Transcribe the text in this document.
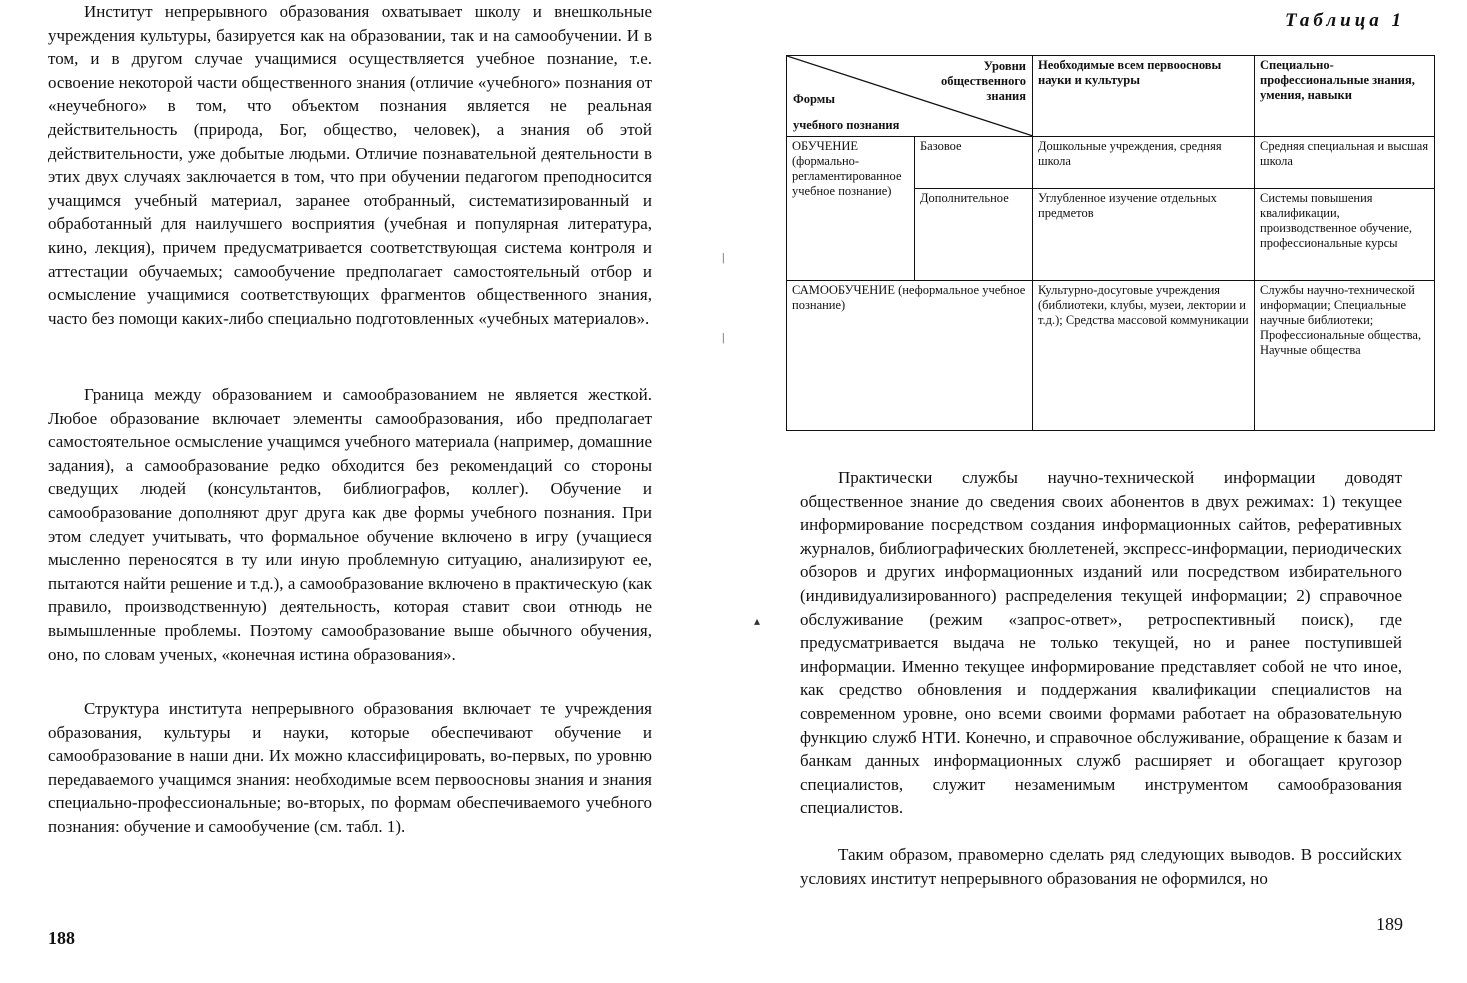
Институт непрерывного образования охватывает школу и внешкольные учреждения культуры, базируется как на образовании, так и на самообучении. И в том, и в другом случае учащимися осуществляется учебное познание, т.е. освоение некоторой части общественного знания (отличие «учебного» познания от «неучебного» в том, что объектом познания является не реальная действительность (природа, Бог, общество, человек), а знания об этой действительности, уже добытые людьми. Отличие познавательной деятельности в этих двух случаях заключается в том, что при обучении педагогом преподносится учащимся учебный материал, заранее отобранный, систематизированный и обработанный для наилучшего восприятия (учебная и популярная литература, кино, лекция), причем предусматривается соответствующая система контроля и аттестации обучаемых; самообучение предполагает самостоятельный отбор и осмысление учащимися соответствующих фрагментов общественного знания, часто без помощи каких-либо специально подготовленных «учебных материалов».

Граница между образованием и самообразованием не является жесткой. Любое образование включает элементы самообразования, ибо предполагает самостоятельное осмысление учащимся учебного материала (например, домашние задания), а самообразование редко обходится без рекомендаций со стороны сведущих людей (консультантов, библиографов, коллег). Обучение и самообразование дополняют друг друга как две формы учебного познания. При этом следует учитывать, что формальное обучение включено в игру (учащиеся мысленно переносятся в ту или иную проблемную ситуацию, анализируют ее, пытаются найти решение и т.д.), а самообразование включено в практическую (как правило, производственную) деятельность, которая ставит свои отнюдь не вымышленные проблемы. Поэтому самообразование выше обычного обучения, оно, по словам ученых, «конечная истина образования».

Структура института непрерывного образования включает те учреждения образования, культуры и науки, которые обеспечивают обучение и самообразование в наши дни. Их можно классифицировать, во-первых, по уровню передаваемого учащимся знания: необходимые всем первоосновы знания и знания специально-профессиональные; во-вторых, по формам обеспечиваемого учебного познания: обучение и самообучение (см. табл. 1).

188
|
|
▴
Таблица 1
Уровни общественного знания
Формы
учебного познания		Необходимые всем первоосновы науки и культуры	Специально-профессиональные знания, умения, навыки
ОБУЧЕНИЕ (формально-регламентированное учебное познание)	Базовое	Дошкольные учреждения, средняя школа	Средняя специальная и высшая школа
	Дополнительное	Углубленное изучение отдельных предметов	Системы повышения квалификации, производственное обучение, профессиональные курсы
САМООБУЧЕНИЕ (неформальное учебное познание)		Культурно-досуговые учреждения (библиотеки, клубы, музеи, лектории и т.д.); Средства массовой коммуникации	Службы научно-технической информации; Специальные научные библиотеки; Профессиональные общества, Научные общества

Практически службы научно-технической информации доводят общественное знание до сведения своих абонентов в двух режимах: 1) текущее информирование посредством создания информационных сайтов, реферативных журналов, библиографических бюллетеней, экспресс-информации, периодических обзоров и других информационных изданий или посредством избирательного (индивидуализированного) распределения текущей информации; 2) справочное обслуживание (режим «запрос-ответ», ретроспективный поиск), где предусматривается выдача не только текущей, но и ранее поступившей информации. Именно текущее информирование представляет собой не что иное, как средство обновления и поддержания квалификации специалистов на современном уровне, оно всеми своими формами работает на образовательную функцию служб НТИ. Конечно, и справочное обслуживание, обращение к базам и банкам данных информационных служб расширяет и обогащает кругозор специалистов, служит незаменимым инструментом самообразования специалистов.

Таким образом, правомерно сделать ряд следующих выводов. В российских условиях институт непрерывного образования не оформился, но

189
